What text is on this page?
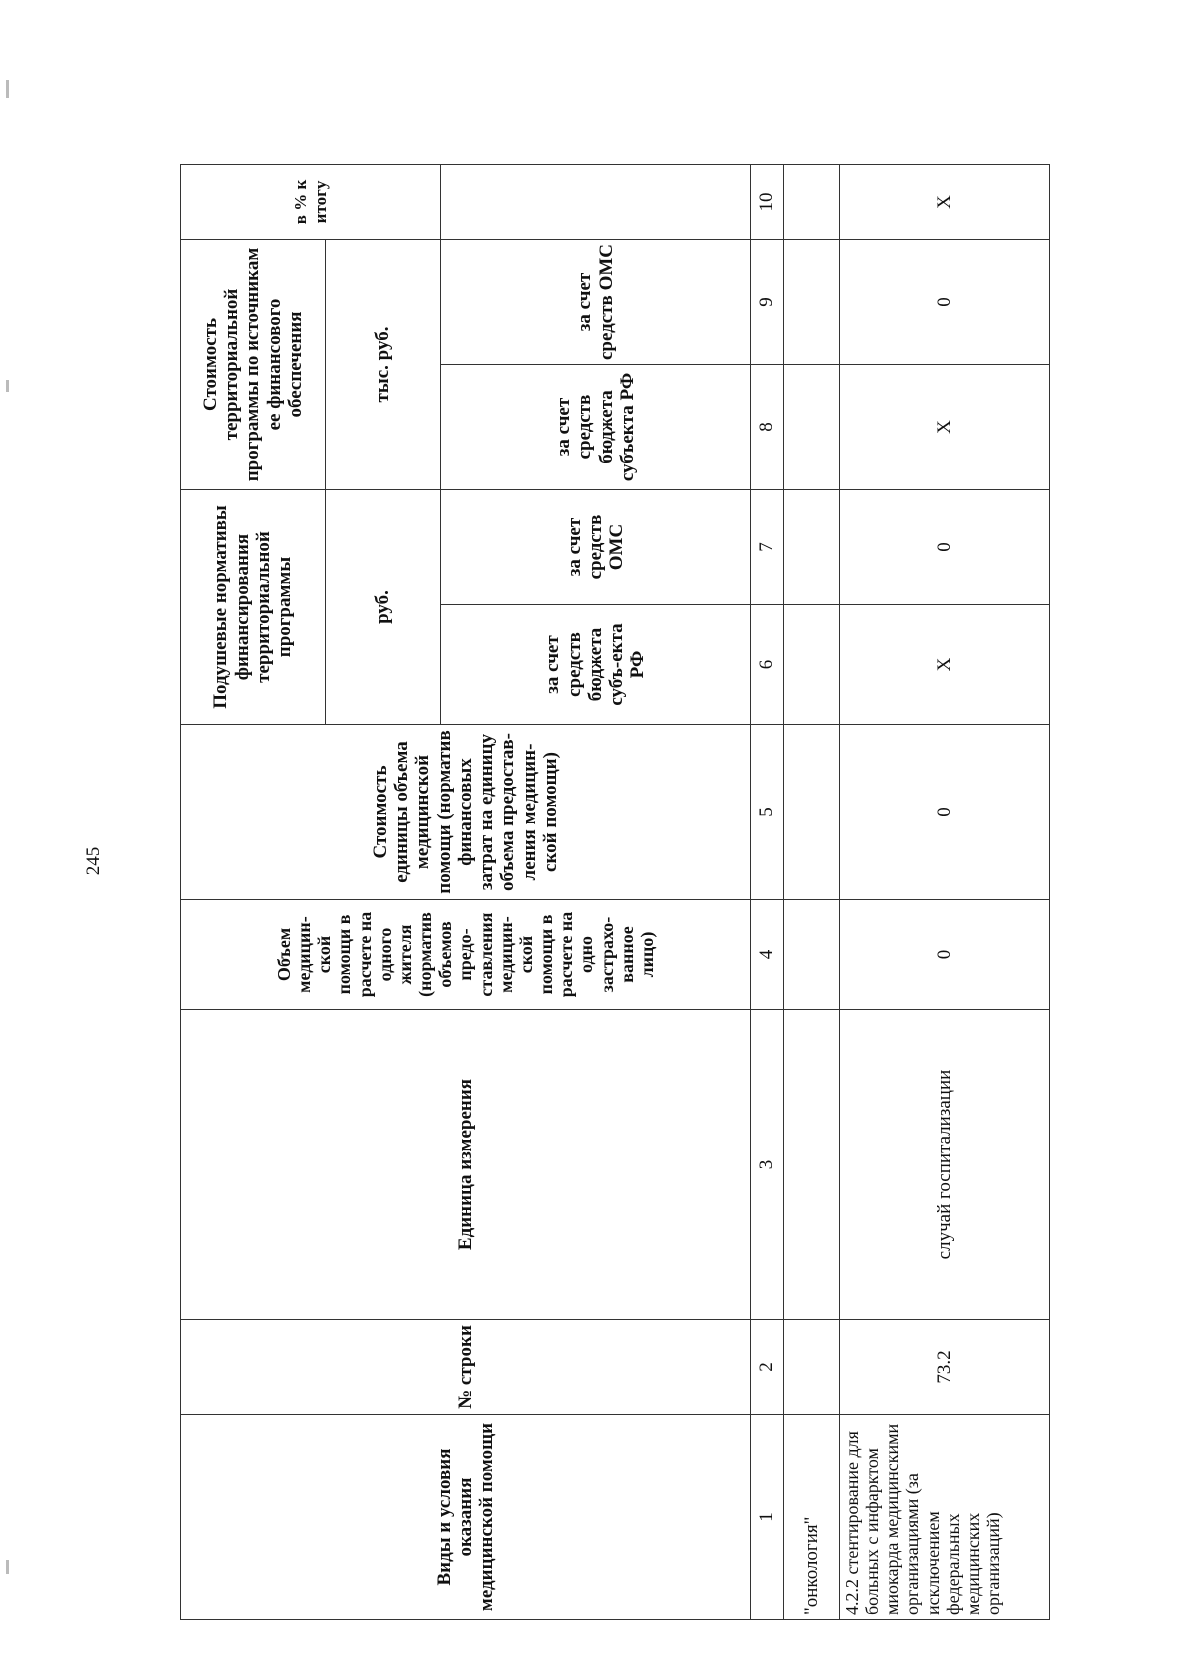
245
Виды и условия оказания медицинской помощи	№ строки	Единица измерения	Объем медицин-ской помощи в расчете на одного жителя (норматив объемов предо-ставления медицин-ской помощи в расчете на одно застрахо-ванное лицо)	Стоимость единицы объема медицинской помощи (норматив финансовых затрат на единицу объема предостав-ления медицин-ской помощи)	Подушевые нормативы финансирования территориальной программы		Стоимость территориальной программы по источникам ее финансового обеспечения		в % к итогу
					руб.		тыс. руб.		
					за счет средств бюджета субъ-екта РФ	за счет средств ОМС	за счет средств бюджета субъекта РФ	за счет средств ОМС	
1	2	3	4	5	6	7	8	9	10
"онкология"									
4.2.2 стентирование для больных с инфарктом миокарда медицинскими организациями (за исключением федеральных медицинских организаций)	73.2	случай госпитализации	0	0	X	0	X	0	X
